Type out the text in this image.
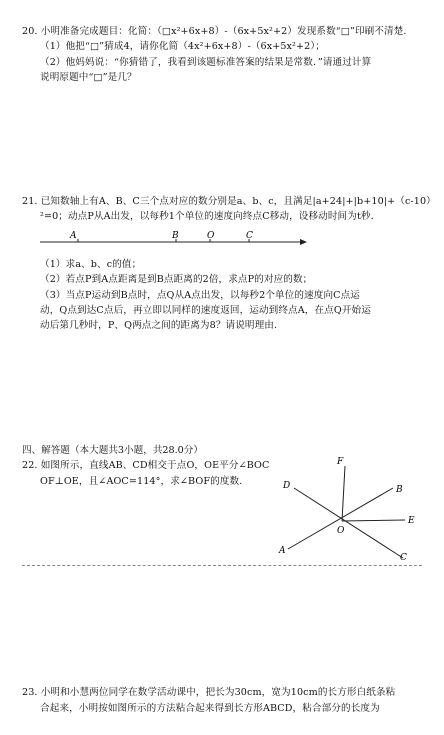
20. 小明准备完成题目：化简：（□x²+6x+8）-（6x+5x²+2）发现系数“□”印刷不清楚.
（1）他把“□”猜成4，请你化简（4x²+6x+8）-（6x+5x²+2）；
（2）他妈妈说：“你猜错了，我看到该题标准答案的结果是常数．”请通过计算
说明原题中“□”是几？
21. 已知数轴上有A、B、C三个点对应的数分别是a、b、c，且满足|a+24|+|b+10|+（c-10）
²=0；动点P从A出发，以每秒1个单位的速度向终点C移动，设移动时间为t秒.
A	B	O	C
（1）求a、b、c的值；
（2）若点P到A点距离是到B点距离的2倍，求点P的对应的数；
（3）当点P运动到B点时，点Q从A点出发，以每秒2个单位的速度向C点运
动，Q点到达C点后，再立即以同样的速度返回，运动到终点A，在点Q开始运
动后第几秒时，P、Q两点之间的距离为8？请说明理由.
四、解答题（本大题共3小题，共28.0分）
22. 如图所示，直线AB、CD相交于点O，OE平分∠BOC
OF⊥OE，且∠AOC=114°，求∠BOF的度数.
F
D	B
O
E
A
C
23. 小明和小慧两位同学在数学活动课中，把长为30cm，宽为10cm的长方形白纸条粘
合起来，小明按如图所示的方法粘合起来得到长方形ABCD，粘合部分的长度为
